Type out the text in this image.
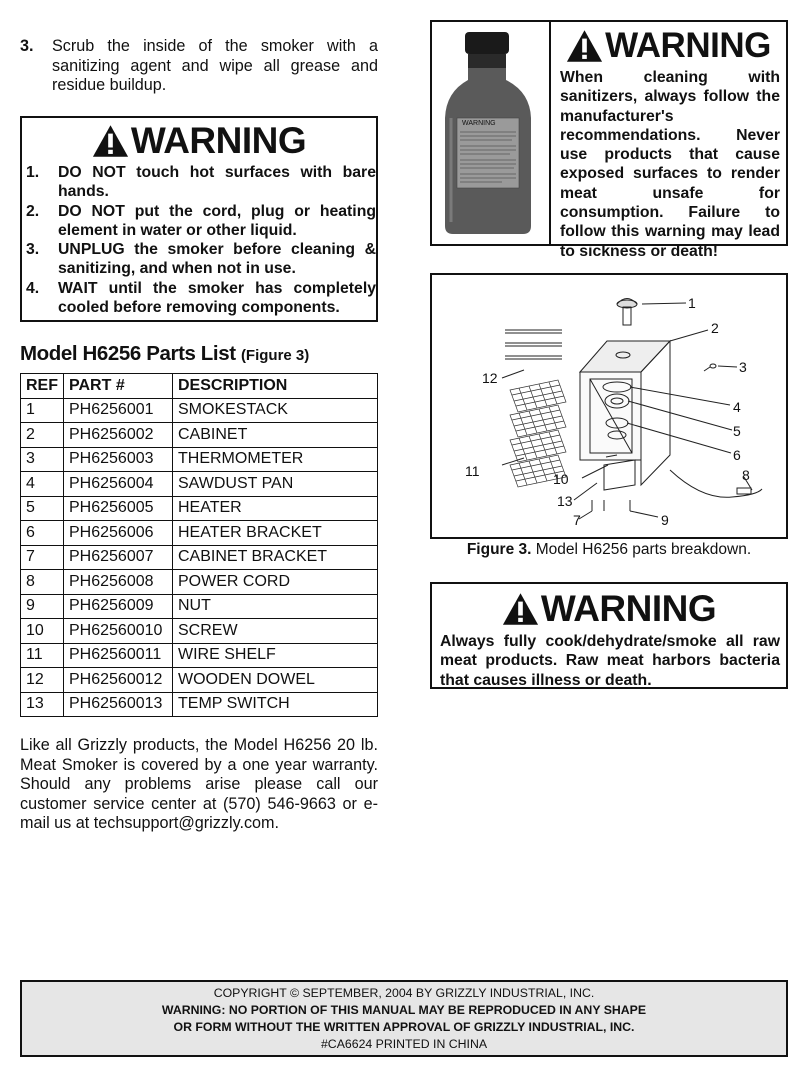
3. Scrub the inside of the smoker with a sanitizing agent and wipe all grease and residue buildup.
WARNING
1. DO NOT touch hot surfaces with bare hands.
2. DO NOT put the cord, plug or heating element in water or other liquid.
3. UNPLUG the smoker before cleaning & sanitizing, and when not in use.
4. WAIT until the smoker has completely cooled before removing components.
Model H6256 Parts List (Figure 3)
REF	PART #	DESCRIPTION
1	PH6256001	SMOKESTACK
2	PH6256002	CABINET
3	PH6256003	THERMOMETER
4	PH6256004	SAWDUST PAN
5	PH6256005	HEATER
6	PH6256006	HEATER BRACKET
7	PH6256007	CABINET BRACKET
8	PH6256008	POWER CORD
9	PH6256009	NUT
10	PH62560010	SCREW
11	PH62560011	WIRE SHELF
12	PH62560012	WOODEN DOWEL
13	PH62560013	TEMP SWITCH
Like all Grizzly products, the Model H6256 20 lb. Meat Smoker is covered by a one year warranty. Should any problems arise please call our customer service center at (570) 546-9663 or e-mail us at techsupport@grizzly.com.
WARNING
WARNING
When cleaning with sanitizers, always follow the manufacturer's recommendations. Never use products that cause exposed surfaces to render meat unsafe for consumption. Failure to follow this warning may lead to sickness or death!
1
2
3
4
5
6
8
9
7
13
10
11
12
Figure 3. Model H6256 parts breakdown.
WARNING
Always fully cook/dehydrate/smoke all raw meat products. Raw meat harbors bacteria that causes illness or death.
COPYRIGHT © SEPTEMBER, 2004 BY GRIZZLY INDUSTRIAL, INC.
WARNING: NO PORTION OF THIS MANUAL MAY BE REPRODUCED IN ANY SHAPE
OR FORM WITHOUT THE WRITTEN APPROVAL OF GRIZZLY INDUSTRIAL, INC.
#CA6624 PRINTED IN CHINA
